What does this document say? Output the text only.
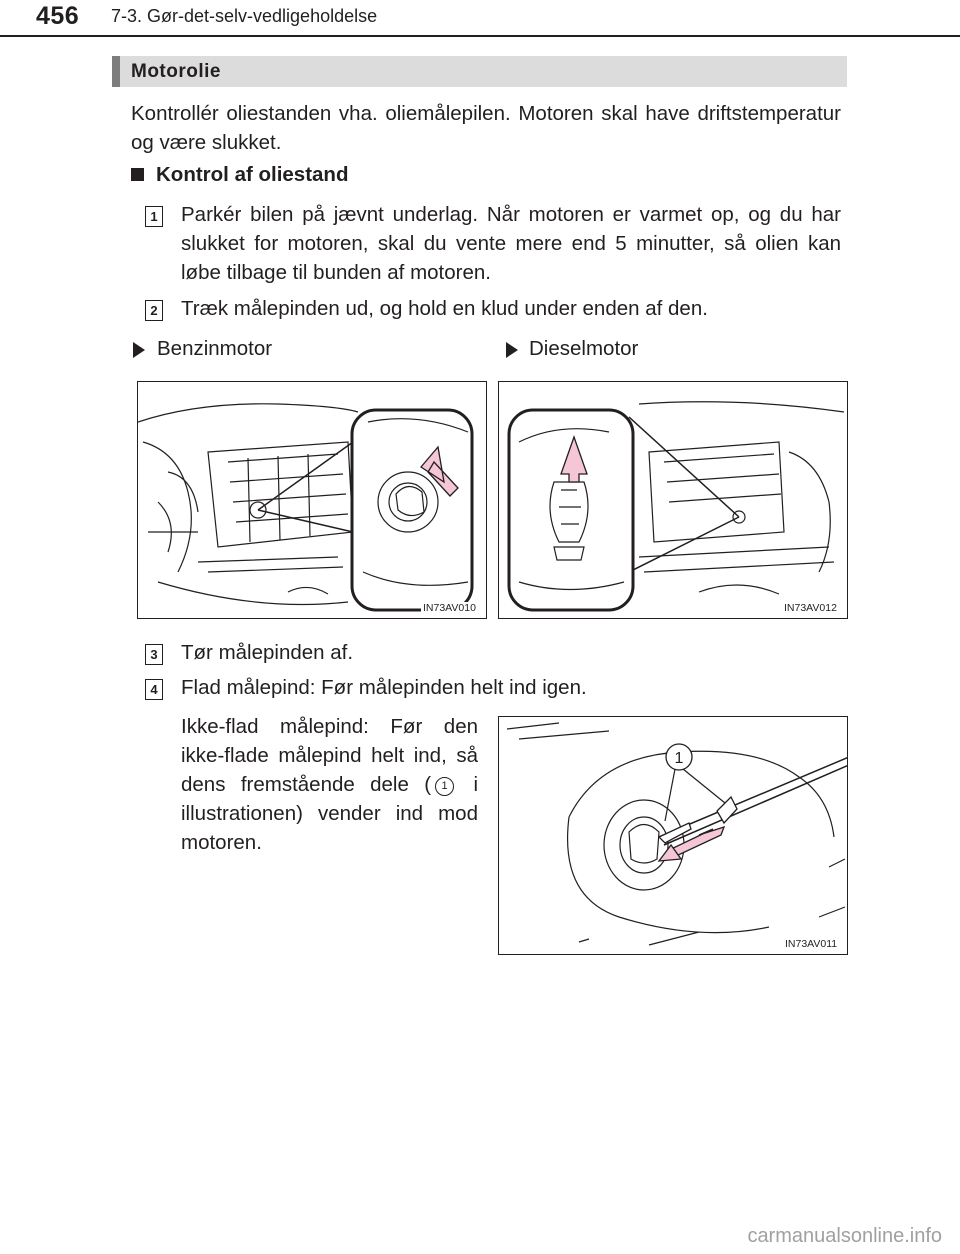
456 7-3. Gør-det-selv-vedligeholdelse
Motorolie
Kontrollér oliestanden vha. oliemålepilen. Motoren skal have driftstemperatur og være slukket.
Kontrol af oliestand
1 Parkér bilen på jævnt underlag. Når motoren er varmet op, og du har slukket for motoren, skal du vente mere end 5 minutter, så olien kan løbe tilbage til bunden af motoren.
2 Træk målepinden ud, og hold en klud under enden af den.
Benzinmotor	Dieselmotor
IN73AV010	IN73AV012
3 Tør målepinden af.
4 Flad målepind: Før målepinden helt ind igen.
Ikke-flad målepind: Før den ikke-flade målepind helt ind, så dens fremstående dele ( 1 i illustrationen) vender ind mod motoren.
1
IN73AV011
carmanualsonline.info
